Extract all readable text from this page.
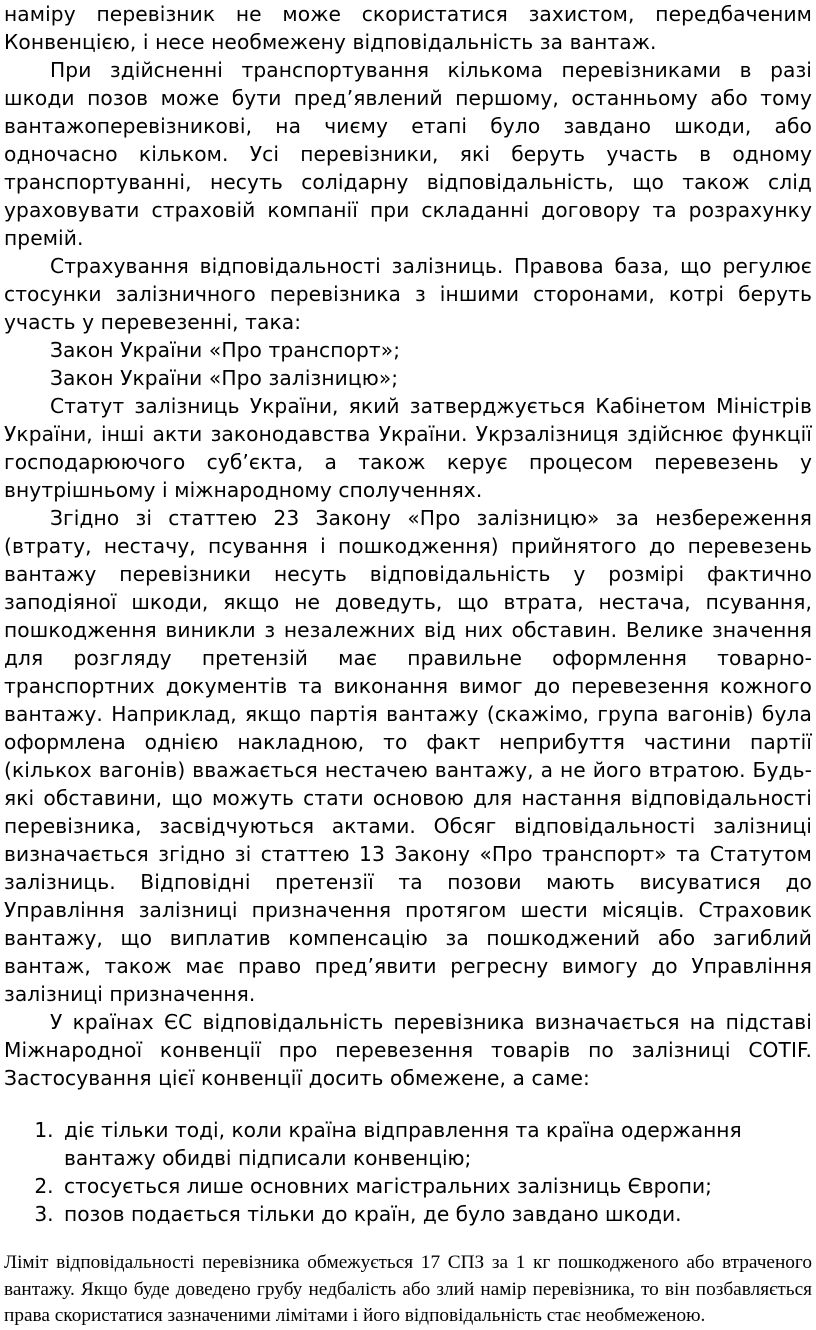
наміру перевізник не може скористатися захистом, передбаченим Конвенцією, і несе необмежену відповідальність за вантаж.

При здійсненні транспортування кількома перевізниками в разі шкоди позов може бути пред’явлений першому, останньому або тому вантажоперевізникові, на чиєму етапі було завдано шкоди, або одночасно кільком. Усі перевізники, які беруть участь в одному транспортуванні, несуть солідарну відповідальність, що також слід ураховувати страховій компанії при складанні договору та розрахунку премій.

Страхування відповідальності залізниць. Правова база, що регулює стосунки залізничного перевізника з іншими сторонами, котрі беруть участь у перевезенні, така:

Закон України «Про транспорт»;

Закон України «Про залізницю»;

Статут залізниць України, який затверджується Кабінетом Міністрів України, інші акти законодавства України. Укрзалізниця здійснює функції господарюючого суб’єкта, а також керує процесом перевезень у внутрішньому і міжнародному сполученнях.

Згідно зі статтею 23 Закону «Про залізницю» за незбереження (втрату, нестачу, псування і пошкодження) прийнятого до перевезень вантажу перевізники несуть відповідальність у розмірі фактично заподіяної шкоди, якщо не доведуть, що втрата, нестача, псування, пошкодження виникли з незалежних від них обставин. Велике значення для розгляду претензій має правильне оформлення товарно-транспортних документів та виконання вимог до перевезення кожного вантажу. Наприклад, якщо партія вантажу (скажімо, група вагонів) була оформлена однією накладною, то факт неприбуття частини партії (кількох вагонів) вважається нестачею вантажу, а не його втратою. Будь-які обставини, що можуть стати основою для настання відповідальності перевізника, засвідчуються актами. Обсяг відповідальності залізниці визначається згідно зі статтею 13 Закону «Про транспорт» та Статутом залізниць. Відповідні претензії та позови мають висуватися до Управління залізниці призначення протягом шести місяців. Страховик вантажу, що виплатив компенсацію за пошкоджений або загиблий вантаж, також має право пред’явити регресну вимогу до Управління залізниці призначення.

У країнах ЄС відповідальність перевізника визначається на підставі Міжнародної конвенції про перевезення товарів по залізниці COTIF. Застосування цієї конвенції досить обмежене, а саме:

1. діє тільки тоді, коли країна відправлення та країна одержання вантажу обидві підписали конвенцію;
2. стосується лише основних магістральних залізниць Європи;
3. позов подається тільки до країн, де було завдано шкоди.

Ліміт відповідальності перевізника обмежується 17 СПЗ за 1 кг пошкодженого або втраченого вантажу. Якщо буде доведено грубу недбалість або злий намір перевізника, то він позбавляється права скористатися зазначеними лімітами і його відповідальність стає необмеженою.
